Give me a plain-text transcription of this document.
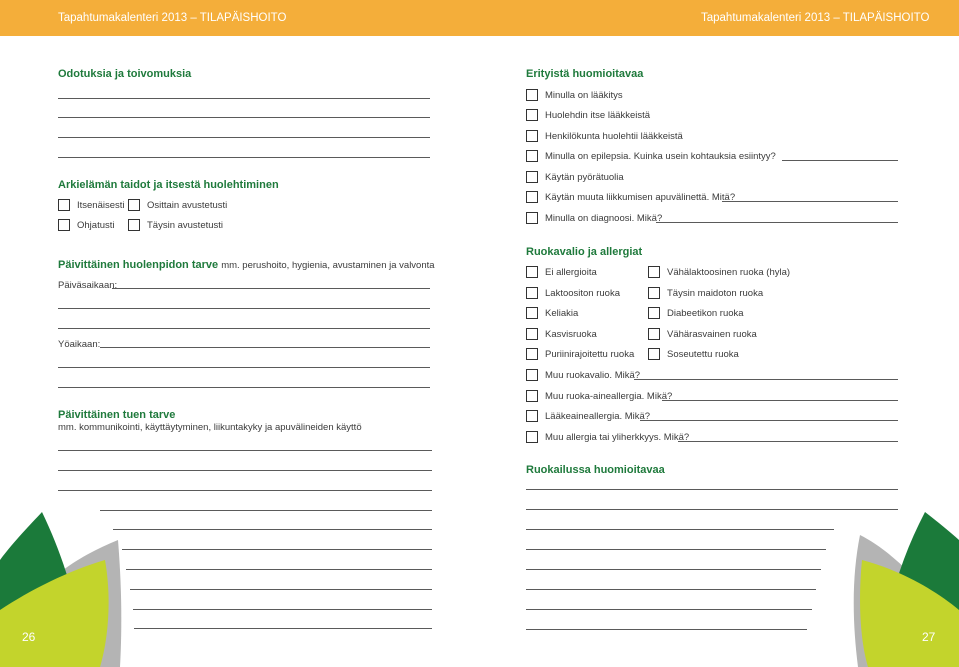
Tapahtumakalenteri 2013 – TILAPÄISHOITO	Tapahtumakalenteri 2013 – TILAPÄISHOITO
Odotuksia ja toivomuksia
Arkielämän taidot ja itsestä huolehtiminen
Itsenäisesti Osittain avustetusti
Ohjatusti	Täysin avustetusti
Päivittäinen huolenpidon tarve mm. perushoito, hygienia, avustaminen ja valvonta
Päiväsaikaan:
Yöaikaan:
Päivittäinen tuen tarve
mm. kommunikointi, käyttäytyminen, liikuntakyky ja apuvälineiden käyttö
26
Erityistä huomioitavaa
Minulla on lääkitys
Huolehdin itse lääkkeistä
Henkilökunta huolehtii lääkkeistä
Minulla on epilepsia. Kuinka usein kohtauksia esiintyy?
Käytän pyörätuolia
Käytän muuta liikkumisen apuvälinettä. Mitä?
Minulla on diagnoosi. Mikä?
Ruokavalio ja allergiat
Ei allergioita	Vähälaktoosinen ruoka (hyla)
Laktoositon ruoka	Täysin maidoton ruoka
Keliakia	Diabeetikon ruoka
Kasvisruoka	Vähärasvainen ruoka
Puriinirajoitettu ruoka	Soseutettu ruoka
Muu ruokavalio. Mikä?
Muu ruoka-aineallergia. Mikä?
Lääkeaineallergia. Mikä?
Muu allergia tai yliherkkyys. Mikä?
Ruokailussa huomioitavaa
27
